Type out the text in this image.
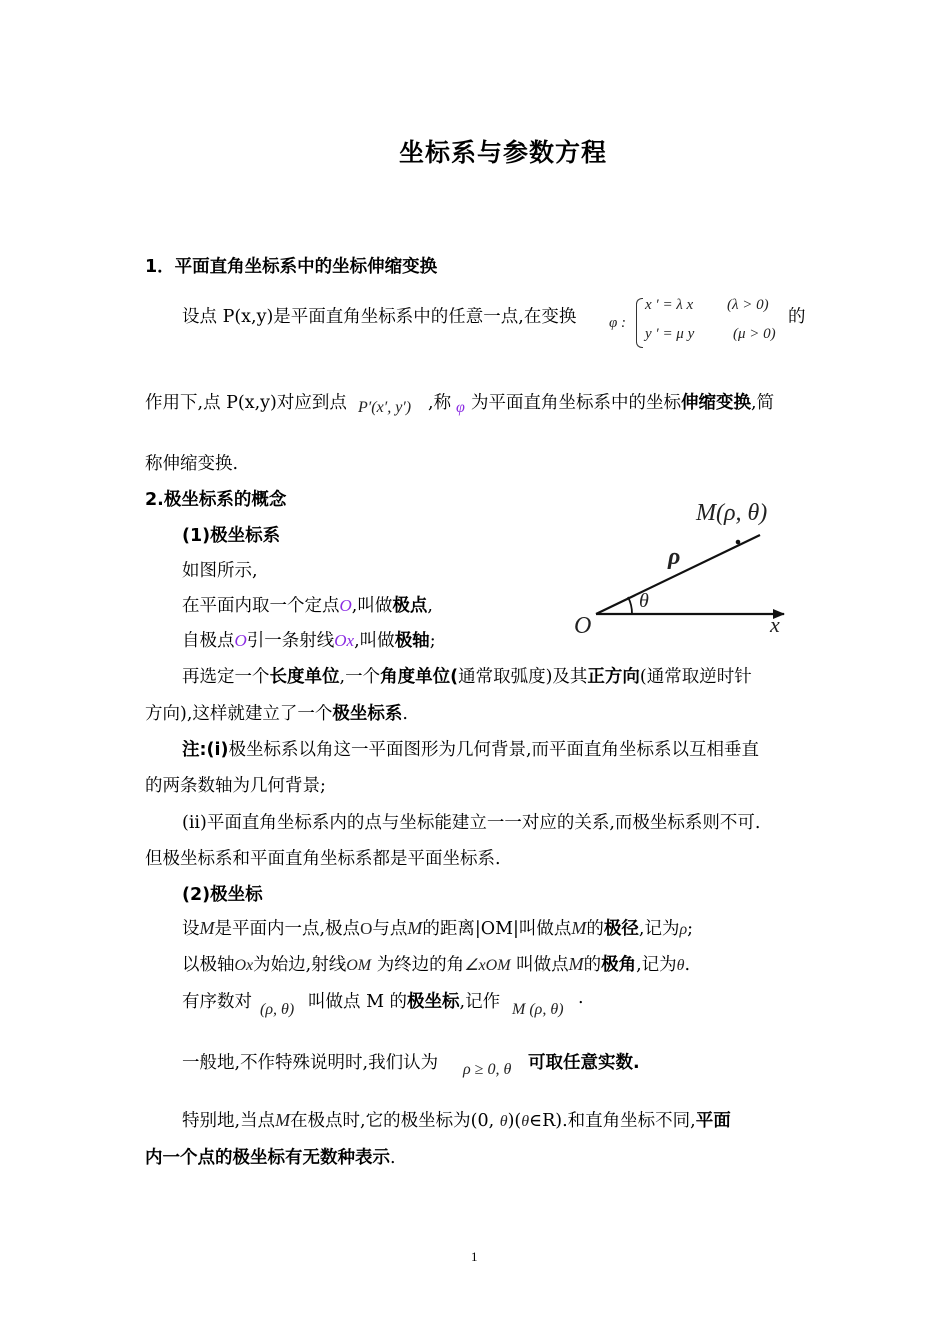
坐标系与参数方程
1．平面直角坐标系中的坐标伸缩变换
设点 P(x,y)是平面直角坐标系中的任意一点,在变换 φ :
x ′ = λ x (λ > 0)
y ′ = μ y	(μ > 0)
的
作用下,点 P(x,y)对应到点 P′(x′, y′) ,称 φ 为平面直角坐标系中的坐标伸缩变换,简
称伸缩变换.
2.极坐标系的概念
(1)极坐标系
如图所示,
在平面内取一个定点O,叫做极点,
自极点O引一条射线Ox,叫做极轴;
再选定一个长度单位,一个角度单位(通常取弧度)及其正方向(通常取逆时针
方向),这样就建立了一个极坐标系.
注:(i)极坐标系以角这一平面图形为几何背景,而平面直角坐标系以互相垂直
的两条数轴为几何背景;
(ii)平面直角坐标系内的点与坐标能建立一一对应的关系,而极坐标系则不可.
但极坐标系和平面直角坐标系都是平面坐标系.
(2)极坐标
设M是平面内一点,极点O与点M的距离|OM|叫做点M的极径,记为ρ;
以极轴Ox为始边,射线OM 为终边的角∠xOM 叫做点M的极角,记为θ.
有序数对 (ρ, θ) 叫做点 M 的极坐标,记作 M (ρ, θ)
.
一般地,不作特殊说明时,我们认为 ρ ≥ 0, θ 可取任意实数.
特别地,当点M在极点时,它的极坐标为(0, θ)(θ∈R).和直角坐标不同,平面
内一个点的极坐标有无数种表示.
M(ρ, θ)
ρ
θ
O	x
1
